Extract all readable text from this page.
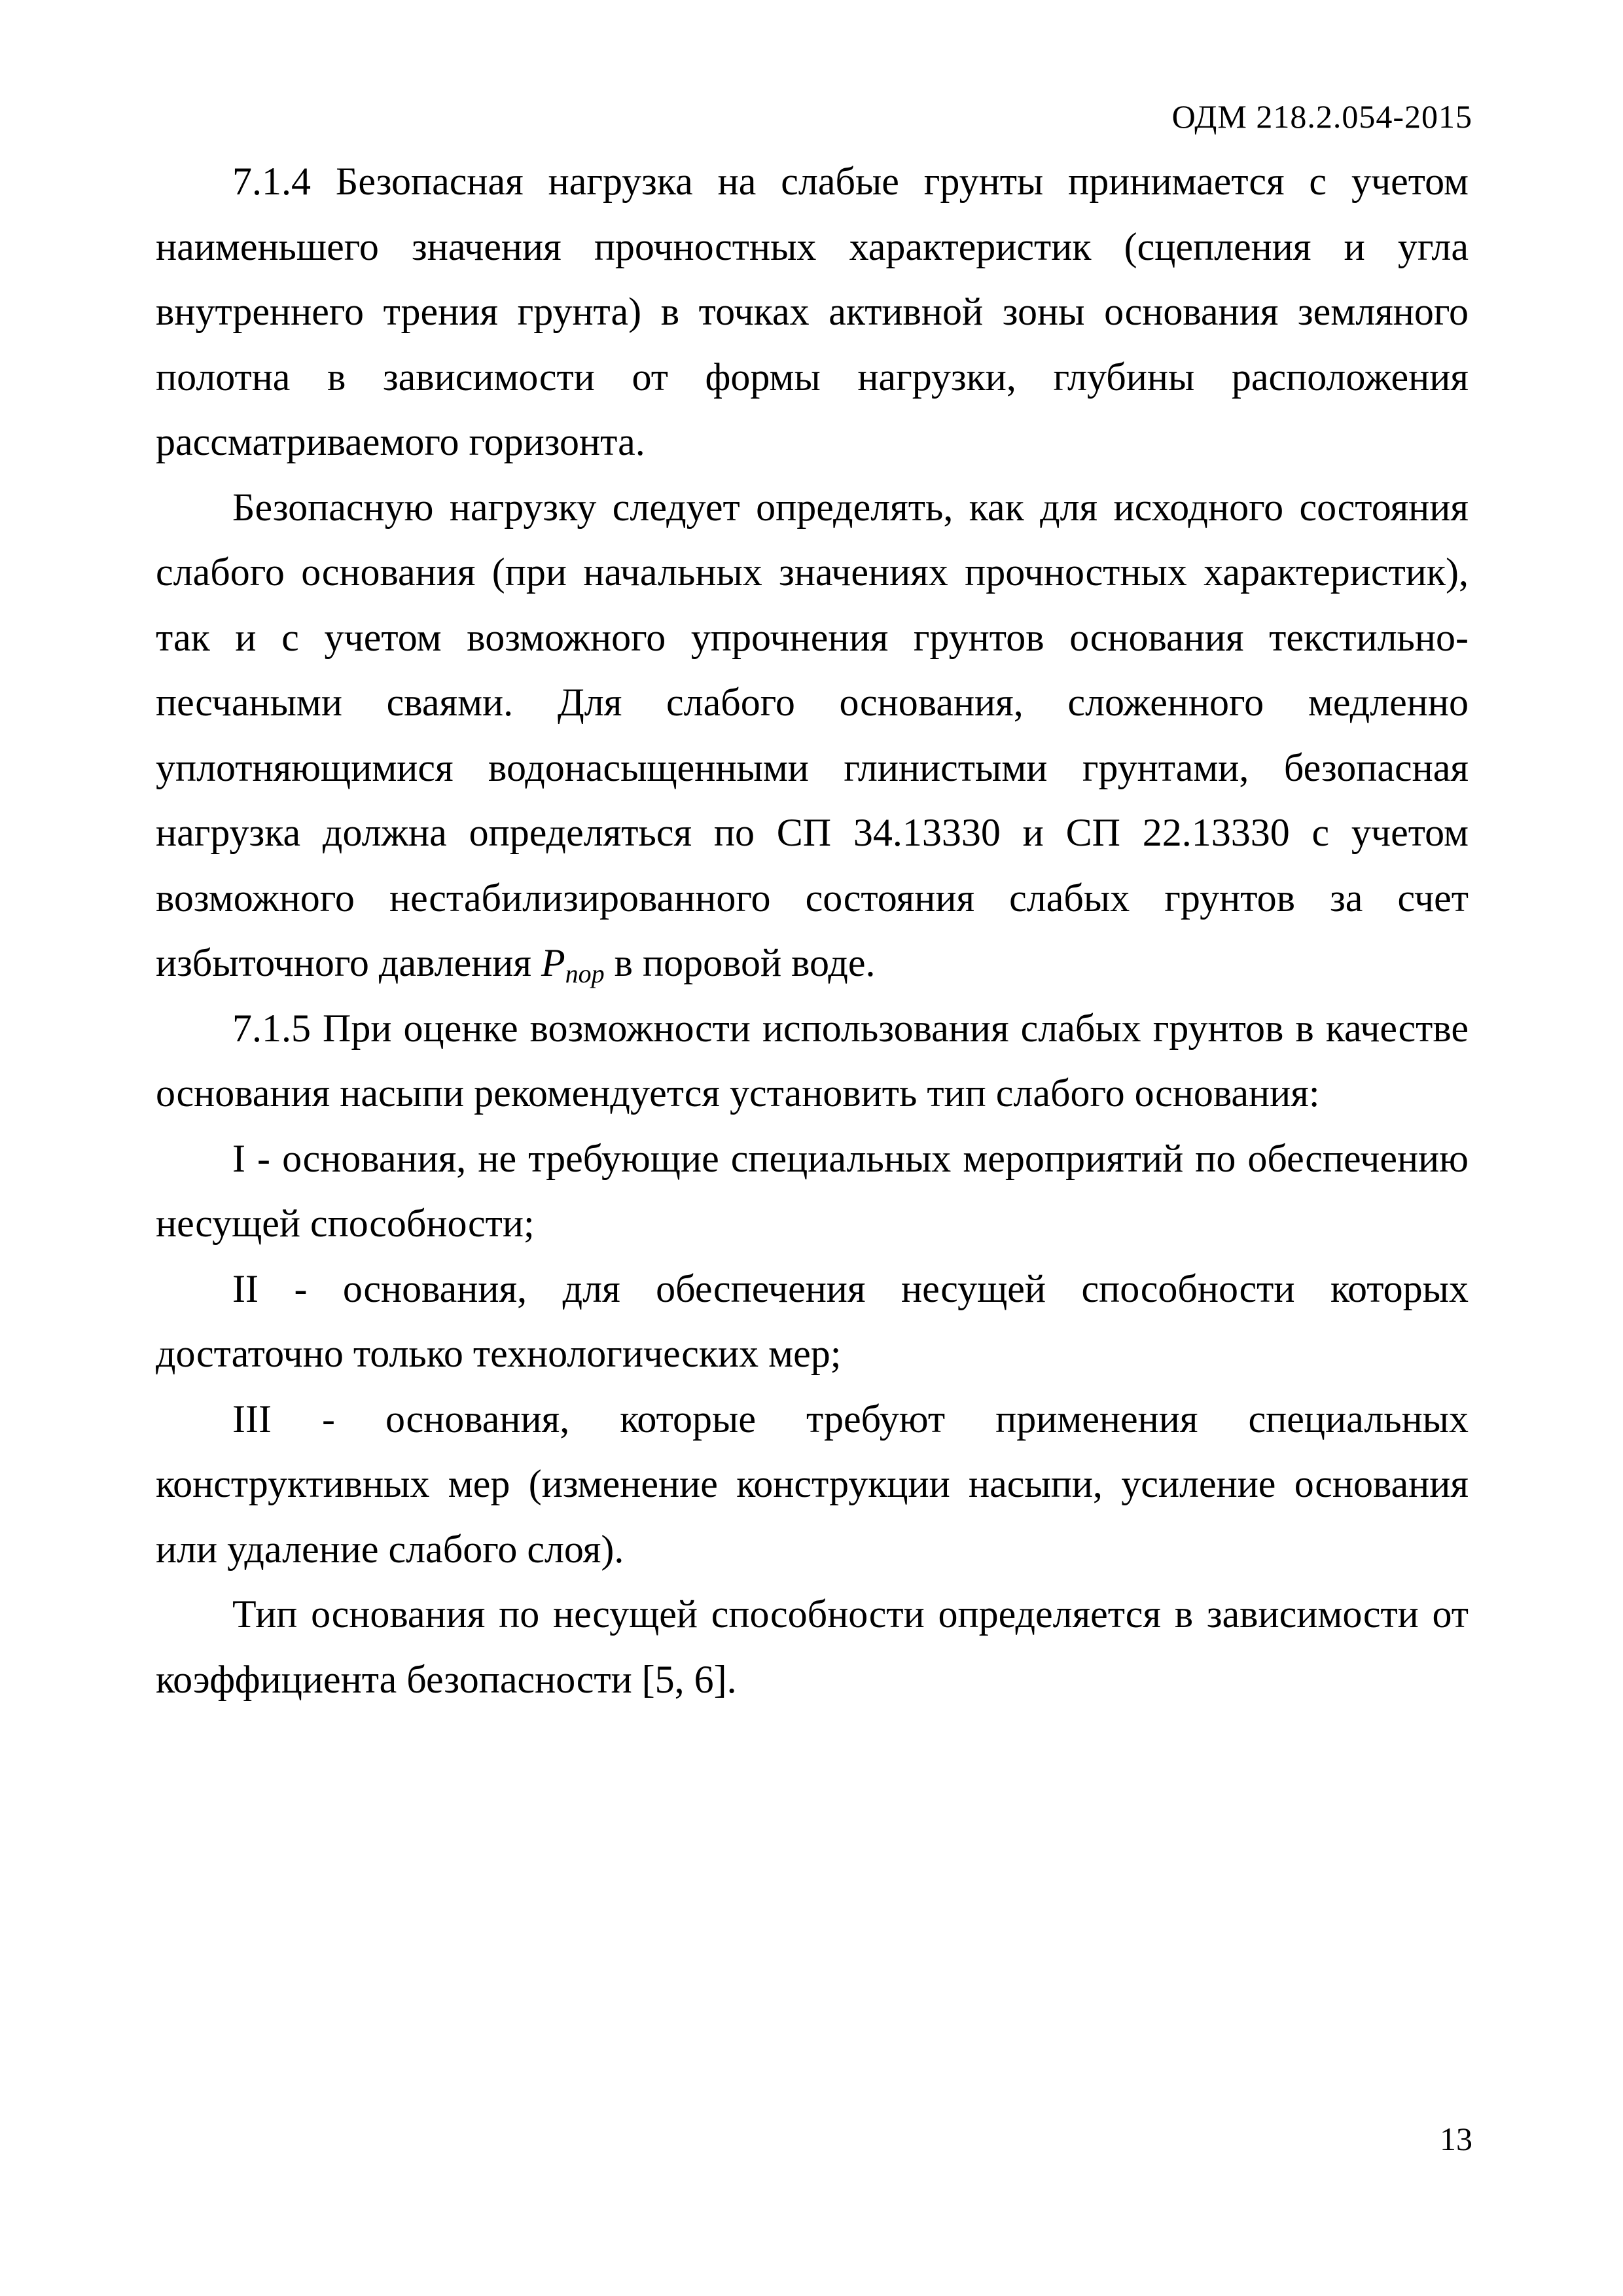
ОДМ 218.2.054-2015

7.1.4 Безопасная нагрузка на слабые грунты принимается с учетом наименьшего значения прочностных характеристик (сцепления и угла внутреннего трения грунта) в точках активной зоны основания земляного полотна в зависимости от формы нагрузки, глубины расположения рассматриваемого горизонта.

Безопасную нагрузку следует определять, как для исходного состояния слабого основания (при начальных значениях прочностных характеристик), так и с учетом возможного упрочнения грунтов основания текстильно-песчаными сваями. Для слабого основания, сложенного медленно уплотняющимися водонасыщенными глинистыми грунтами, безопасная нагрузка должна определяться по СП 34.13330 и СП 22.13330 с учетом возможного нестабилизированного состояния слабых грунтов за счет избыточного давления $P_{пор}$ в поровой воде.

7.1.5 При оценке возможности использования слабых грунтов в качестве основания насыпи рекомендуется установить тип слабого основания:

I - основания, не требующие специальных мероприятий по обеспечению несущей способности;

II - основания, для обеспечения несущей способности которых достаточно только технологических мер;

III - основания, которые требуют применения специальных конструктивных мер (изменение конструкции насыпи, усиление основания или удаление слабого слоя).

Тип основания по несущей способности определяется в зависимости от коэффициента безопасности [5, 6].

13
